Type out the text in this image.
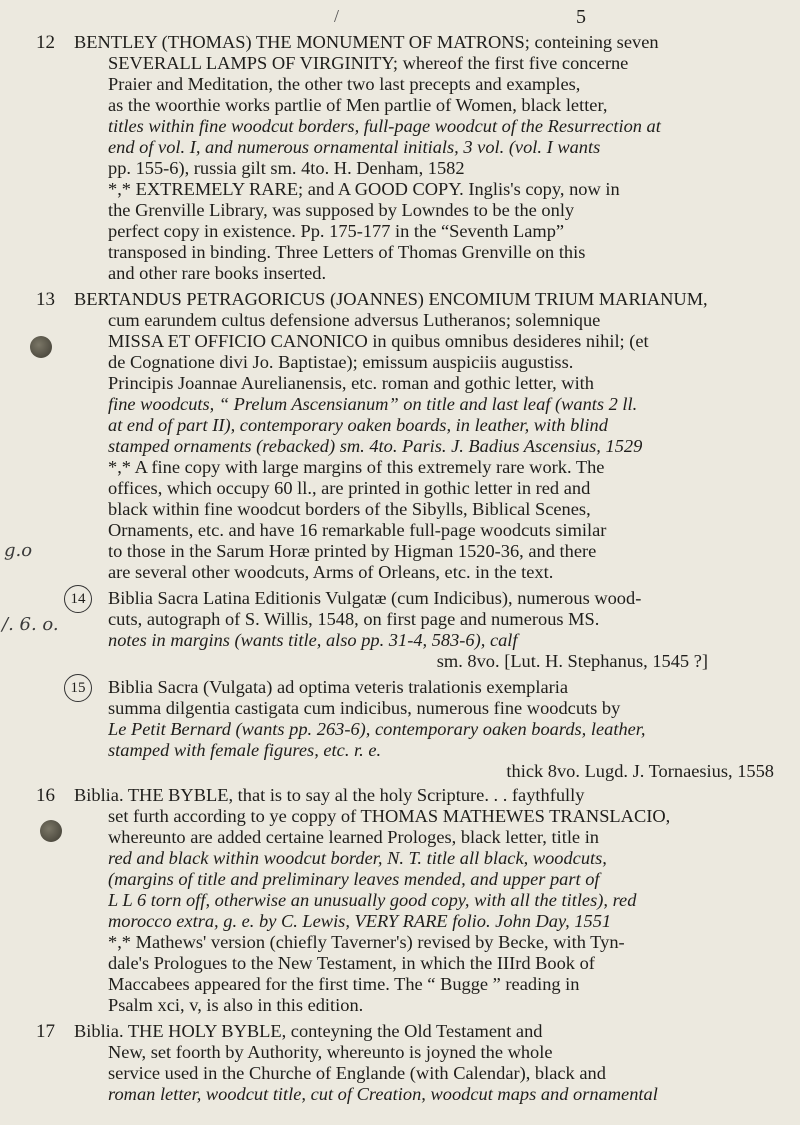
5
/
g.o
/. 6. o.
12 BENTLEY (THOMAS) THE MONUMENT OF MATRONS; conteining seven
SEVERALL LAMPS OF VIRGINITY; whereof the first five concerne
Praier and Meditation, the other two last precepts and examples,
as the woorthie works partlie of Men partlie of Women, black letter,
titles within fine woodcut borders, full-page woodcut of the Resurrection at
end of vol. I, and numerous ornamental initials, 3 vol. (vol. I wants
pp. 155-6), russia gilt sm. 4to. H. Denham, 1582
*,* EXTREMELY RARE; and A GOOD COPY. Inglis's copy, now in
the Grenville Library, was supposed by Lowndes to be the only
perfect copy in existence. Pp. 175-177 in the “Seventh Lamp”
transposed in binding. Three Letters of Thomas Grenville on this
and other rare books inserted.
13 BERTANDUS PETRAGORICUS (JOANNES) ENCOMIUM TRIUM MARIANUM,
cum earundem cultus defensione adversus Lutheranos; solemnique
MISSA ET OFFICIO CANONICO in quibus omnibus desideres nihil; (et
de Cognatione divi Jo. Baptistae); emissum auspiciis augustiss.
Principis Joannae Aurelianensis, etc. roman and gothic letter, with
fine woodcuts, “ Prelum Ascensianum” on title and last leaf (wants 2 ll.
at end of part II), contemporary oaken boards, in leather, with blind
stamped ornaments (rebacked) sm. 4to. Paris. J. Badius Ascensius, 1529
*,* A fine copy with large margins of this extremely rare work. The
offices, which occupy 60 ll., are printed in gothic letter in red and
black within fine woodcut borders of the Sibylls, Biblical Scenes,
Ornaments, etc. and have 16 remarkable full-page woodcuts similar
to those in the Sarum Horæ printed by Higman 1520-36, and there
are several other woodcuts, Arms of Orleans, etc. in the text.
14	Biblia Sacra Latina Editionis Vulgatæ (cum Indicibus), numerous wood-
cuts, autograph of S. Willis, 1548, on first page and numerous MS.
notes in margins (wants title, also pp. 31-4, 583-6), calf
sm. 8vo. [Lut. H. Stephanus, 1545 ?]
15	Biblia Sacra (Vulgata) ad optima veteris tralationis exemplaria
summa dilgentia castigata cum indicibus, numerous fine woodcuts by
Le Petit Bernard (wants pp. 263-6), contemporary oaken boards, leather,
stamped with female figures, etc. r. e.
thick 8vo. Lugd. J. Tornaesius, 1558
16 Biblia. THE BYBLE, that is to say al the holy Scripture. . . faythfully
set furth according to ye coppy of THOMAS MATHEWES TRANSLACIO,
whereunto are added certaine learned Prologes, black letter, title in
red and black within woodcut border, N. T. title all black, woodcuts,
(margins of title and preliminary leaves mended, and upper part of
L L 6 torn off, otherwise an unusually good copy, with all the titles), red
morocco extra, g. e. by C. Lewis, VERY RARE folio. John Day, 1551
*,* Mathews' version (chiefly Taverner's) revised by Becke, with Tyn-
dale's Prologues to the New Testament, in which the IIIrd Book of
Maccabees appeared for the first time. The “ Bugge ” reading in
Psalm xci, v, is also in this edition.
17 Biblia. THE HOLY BYBLE, conteyning the Old Testament and
New, set foorth by Authority, whereunto is joyned the whole
service used in the Churche of Englande (with Calendar), black and
roman letter, woodcut title, cut of Creation, woodcut maps and ornamental
